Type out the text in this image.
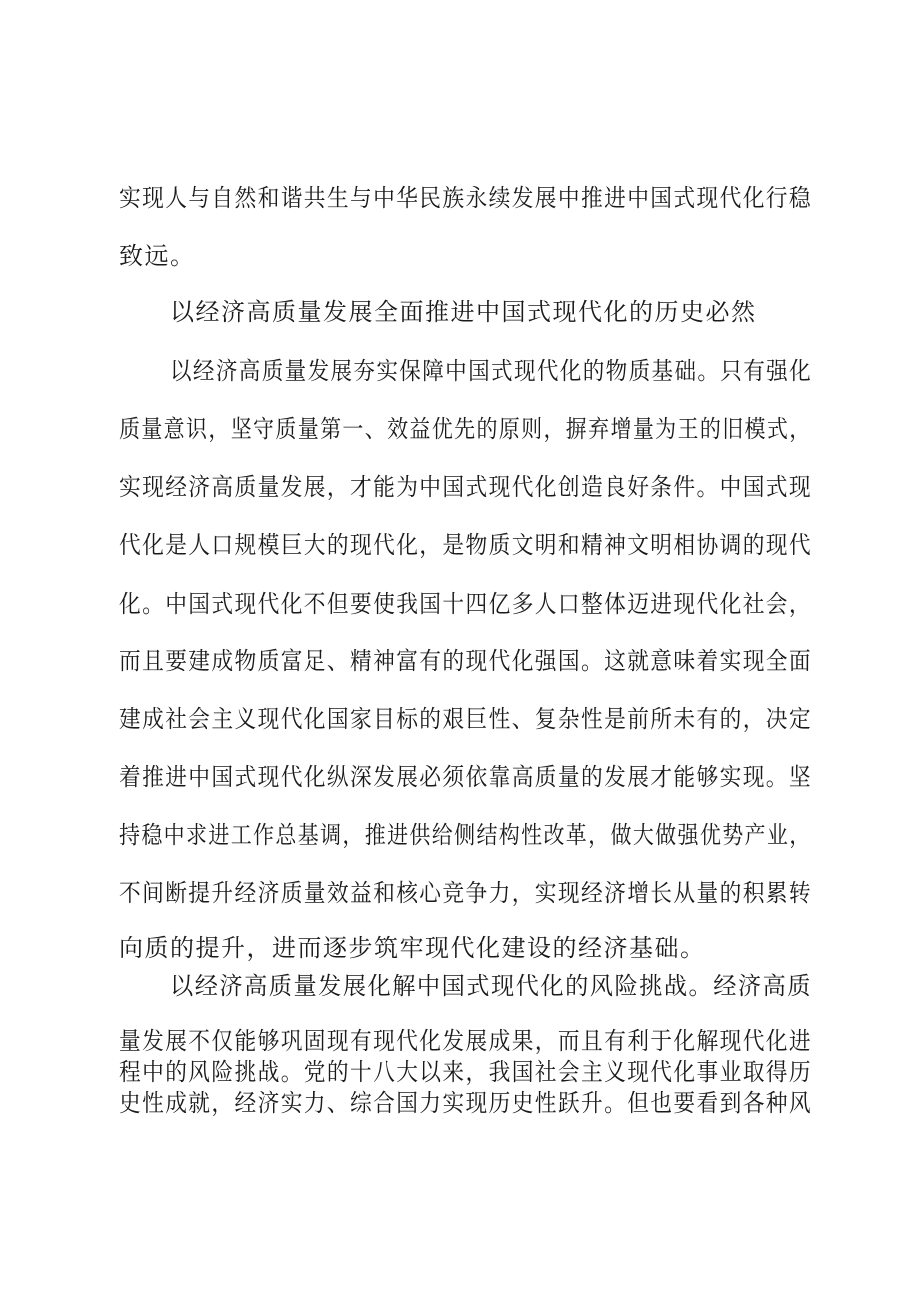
实现人与自然和谐共生与中华民族永续发展中推进中国式现代化行稳
致远。
以经济高质量发展全面推进中国式现代化的历史必然
以经济高质量发展夯实保障中国式现代化的物质基础。只有强化
质量意识，坚守质量第一、效益优先的原则，摒弃增量为王的旧模式，
实现经济高质量发展，才能为中国式现代化创造良好条件。中国式现
代化是人口规模巨大的现代化，是物质文明和精神文明相协调的现代
化。中国式现代化不但要使我国十四亿多人口整体迈进现代化社会，
而且要建成物质富足、精神富有的现代化强国。这就意味着实现全面
建成社会主义现代化国家目标的艰巨性、复杂性是前所未有的，决定
着推进中国式现代化纵深发展必须依靠高质量的发展才能够实现。坚
持稳中求进工作总基调，推进供给侧结构性改革，做大做强优势产业，
不间断提升经济质量效益和核心竞争力，实现经济增长从量的积累转
向质的提升，进而逐步筑牢现代化建设的经济基础。
以经济高质量发展化解中国式现代化的风险挑战。经济高质
量发展不仅能够巩固现有现代化发展成果，而且有利于化解现代化进
程中的风险挑战。党的十八大以来，我国社会主义现代化事业取得历
史性成就，经济实力、综合国力实现历史性跃升。但也要看到各种风
